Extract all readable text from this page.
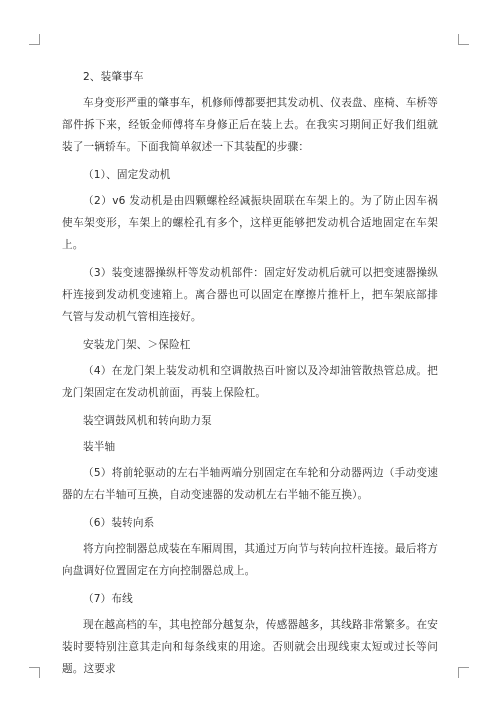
2、装肇事车

车身变形严重的肇事车，机修师傅都要把其发动机、仪表盘、座椅、车桥等部件拆下来，经钣金师傅将车身修正后在装上去。在我实习期间正好我们组就装了一辆轿车。下面我简单叙述一下其装配的步骤：

（1）、固定发动机

（2）v6 发动机是由四颗螺栓经减振块固联在车架上的。为了防止因车祸使车架变形，车架上的螺栓孔有多个，这样更能够把发动机合适地固定在车架上。

（3）装变速器操纵杆等发动机部件：固定好发动机后就可以把变速器操纵杆连接到发动机变速箱上。离合器也可以固定在摩擦片推杆上，把车架底部排气管与发动机气管相连接好。

安装龙门架、＞保险杠

（4）在龙门架上装发动机和空调散热百叶窗以及冷却油管散热管总成。把龙门架固定在发动机前面，再装上保险杠。

装空调鼓风机和转向助力泵

装半轴

（5）将前轮驱动的左右半轴两端分别固定在车轮和分动器两边（手动变速器的左右半轴可互换，自动变速器的发动机左右半轴不能互换）。

（6）装转向系

将方向控制器总成装在车厢周围，其通过万向节与转向拉杆连接。最后将方向盘调好位置固定在方向控制器总成上。

（7）布线

现在越高档的车，其电控部分越复杂，传感器越多，其线路非常繁多。在安装时要特别注意其走向和每条线束的用途。否则就会出现线束太短或过长等问题。这要求
